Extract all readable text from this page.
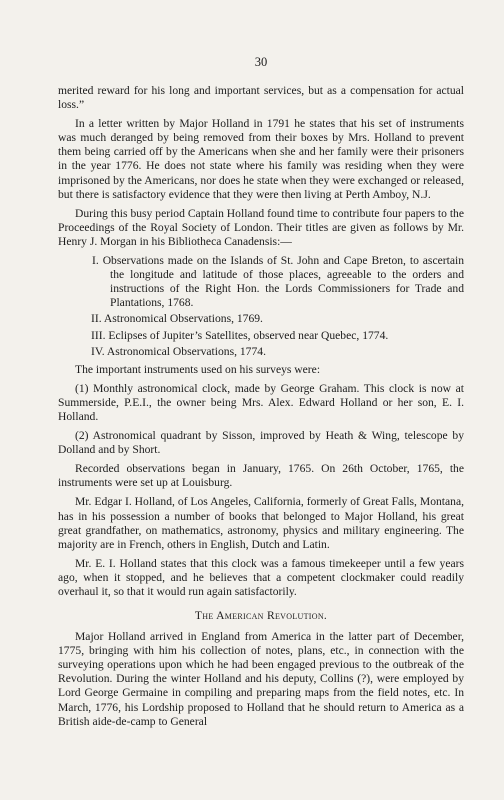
30

merited reward for his long and important services, but as a compensation for actual loss.”

In a letter written by Major Holland in 1791 he states that his set of instruments was much deranged by being removed from their boxes by Mrs. Holland to prevent them being carried off by the Americans when she and her family were their prisoners in the year 1776. He does not state where his family was residing when they were imprisoned by the Americans, nor does he state when they were exchanged or released, but there is satisfactory evidence that they were then living at Perth Amboy, N.J.

During this busy period Captain Holland found time to contribute four papers to the Proceedings of the Royal Society of London. Their titles are given as follows by Mr. Henry J. Morgan in his Bibliotheca Canadensis:—

I. Observations made on the Islands of St. John and Cape Breton, to ascertain the longitude and latitude of those places, agreeable to the orders and instructions of the Right Hon. the Lords Commissioners for Trade and Plantations, 1768.
II. Astronomical Observations, 1769.
III. Eclipses of Jupiter’s Satellites, observed near Quebec, 1774.
IV. Astronomical Observations, 1774.

The important instruments used on his surveys were:

(1) Monthly astronomical clock, made by George Graham. This clock is now at Summerside, P.E.I., the owner being Mrs. Alex. Edward Holland or her son, E. I. Holland.

(2) Astronomical quadrant by Sisson, improved by Heath & Wing, telescope by Dolland and by Short.

Recorded observations began in January, 1765. On 26th October, 1765, the instruments were set up at Louisburg.

Mr. Edgar I. Holland, of Los Angeles, California, formerly of Great Falls, Montana, has in his possession a number of books that belonged to Major Holland, his great great grandfather, on mathematics, astronomy, physics and military engineering. The majority are in French, others in English, Dutch and Latin.

Mr. E. I. Holland states that this clock was a famous timekeeper until a few years ago, when it stopped, and he believes that a competent clockmaker could readily overhaul it, so that it would run again satisfactorily.

The American Revolution.

Major Holland arrived in England from America in the latter part of December, 1775, bringing with him his collection of notes, plans, etc., in connection with the surveying operations upon which he had been engaged previous to the outbreak of the Revolution. During the winter Holland and his deputy, Collins (?), were employed by Lord George Germaine in compiling and preparing maps from the field notes, etc. In March, 1776, his Lordship proposed to Holland that he should return to America as a British aide-de-camp to General
